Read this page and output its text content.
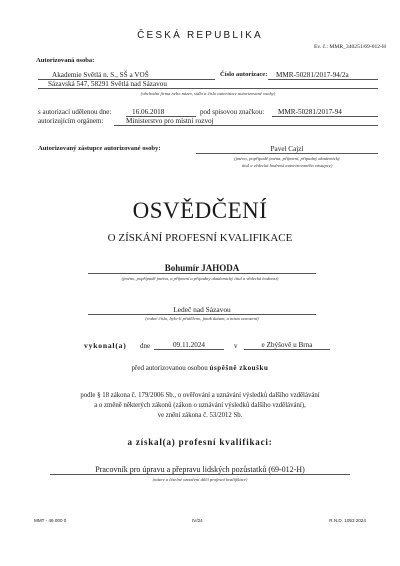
ČESKÁ REPUBLIKA
Ev. č.: MMR_340251/69-012-H
Autorizovaná osoba:
Akademie Světlá n. S., SŠ a VOŠ	Číslo autorizace:	MMR-50281/2017-94/2a
Sázavská 547, 58291 Světlá nad Sázavou
(obchodní firma nebo název, sídlo a číslo autorizace autorizované osoby)
s autorizací udělenou dne:	16.06.2018	pod spisovou značkou:	MMR-50281/2017-94
autorizujícím orgánem:	Ministerstvo pro místní rozvoj
Autorizovaný zástupce autorizované osoby:	Pavel Cajzl
(jméno, popřípadě jména, příjmení, případný akademický
titul a vědecká hodnost autorizovaného zástupce)
OSVĚDČENÍ
O ZÍSKÁNÍ PROFESNÍ KVALIFIKACE
Bohumír JAHODA
(jméno, popřípadě jména, a příjmení a případný akademický titul a vědecká hodnost)
Ledeč nad Sázavou
(rodné číslo, bylo-li přiděleno, jinak datum, a místo narození)
vykonal(a) dne	09.11.2024	v	e Zbýšově u Brna
před autorizovanou osobou úspěšně zkoušku
podle § 18 zákona č. 179/2006 Sb., o ověřování a uznávání výsledků dalšího vzdělávání
a o změně některých zákonů (zákon o uznávání výsledků dalšího vzdělávání),
ve znění zákona č. 53/2012 Sb.
a získal(a) profesní kvalifikaci:
Pracovník pro úpravu a přepravu lidských pozůstatků (69-012-H)
(název a číselné označení dílčí profesní kvalifikace)
MMT - 46 000 0	IV/24	R.N.D. 1053 2024
